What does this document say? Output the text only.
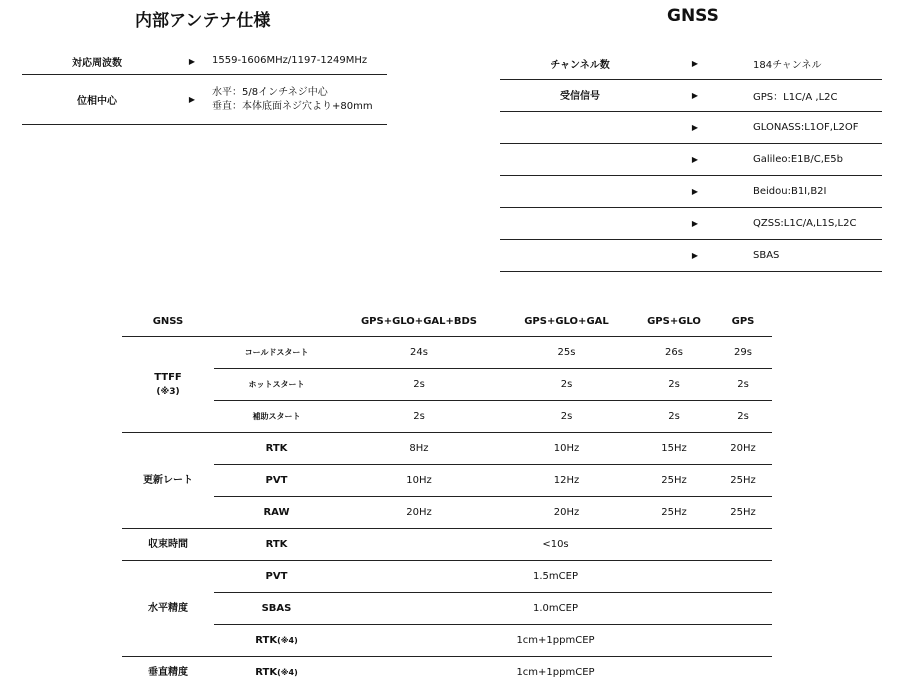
内部アンテナ仕様
対応周波数	▶	1559-1606MHz/1197-1249MHz
位相中心	▶
水平：5/8インチネジ中心
垂直：本体底面ネジ穴より+80mm
GNSS
チャンネル数	▶	184チャンネル
受信信号	▶	GPS：L1C/A ,L2C
▶	GLONASS:L1OF,L2OF
▶	Galileo:E1B/C,E5b
▶	Beidou:B1I,B2I
▶	QZSS:L1C/A,L1S,L2C
▶	SBAS
GNSS	GPS+GLO+GAL+BDS	GPS+GLO+GAL	GPS+GLO	GPS
TTFF
(※3)
コールドスタート	24s	25s	26s	29s
ホットスタート	2s	2s	2s	2s
補助スタート	2s	2s	2s	2s
更新レート
RTK	8Hz	10Hz	15Hz	20Hz
PVT	10Hz	12Hz	25Hz	25Hz
RAW	20Hz	20Hz	25Hz	25Hz
収束時間	RTK	<10s
水平精度
PVT	1.5mCEP
SBAS	1.0mCEP
RTK (※4)	1cm+1ppmCEP
垂直精度	RTK (※4)	1cm+1ppmCEP
